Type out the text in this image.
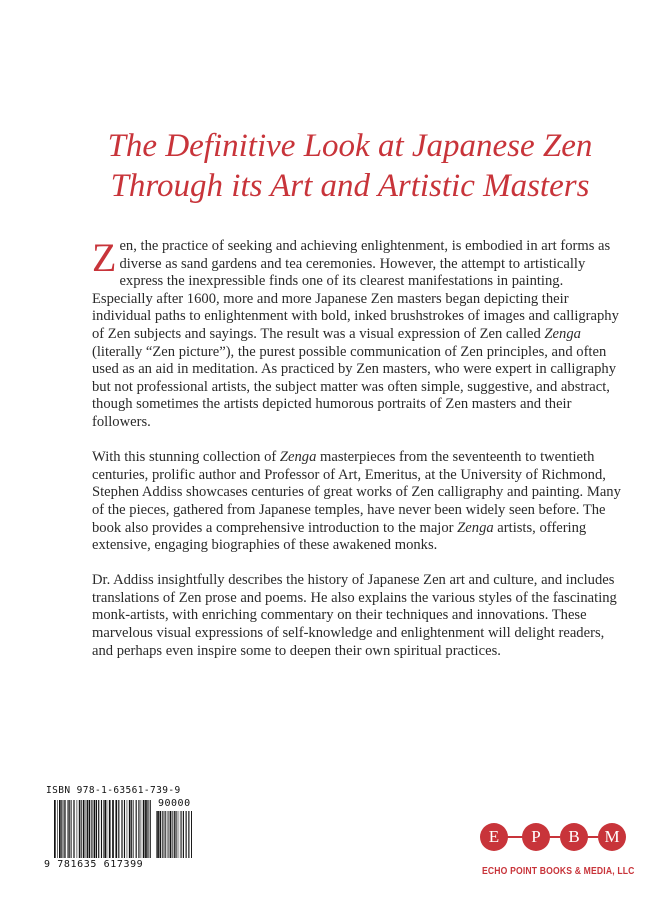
The Definitive Look at Japanese Zen
Through its Art and Artistic Masters

Zen, the practice of seeking and achieving enlightenment, is embodied in art forms as diverse as sand gardens and tea ceremonies. However, the attempt to artistically express the inexpressible finds one of its clearest manifestations in painting. Especially after 1600, more and more Japanese Zen masters began depicting their individual paths to enlightenment with bold, inked brushstrokes of images and calligraphy of Zen subjects and sayings. The result was a visual expression of Zen called Zenga (literally “Zen picture”), the purest possible communication of Zen principles, and often used as an aid in meditation. As practiced by Zen masters, who were expert in calligraphy but not professional artists, the subject matter was often simple, suggestive, and abstract, though sometimes the artists depicted humorous portraits of Zen masters and their followers.

With this stunning collection of Zenga masterpieces from the seventeenth to twentieth centuries, prolific author and Professor of Art, Emeritus, at the University of Richmond, Stephen Addiss showcases centuries of great works of Zen calligraphy and painting. Many of the pieces, gathered from Japanese temples, have never been widely seen before. The book also provides a comprehensive introduction to the major Zenga artists, offering extensive, engaging biographies of these awakened monks.

Dr. Addiss insightfully describes the history of Japanese Zen art and culture, and includes translations of Zen prose and poems. He also explains the various styles of the fascinating monk-artists, with enriching commentary on their techniques and innovations. These marvelous visual expressions of self-knowledge and enlightenment will delight readers, and perhaps even inspire some to deepen their own spiritual practices.

ISBN 978-1-63561-739-9
90000
9 781635 617399
E	P	B	M
ECHO POINT BOOKS & MEDIA, LLC
